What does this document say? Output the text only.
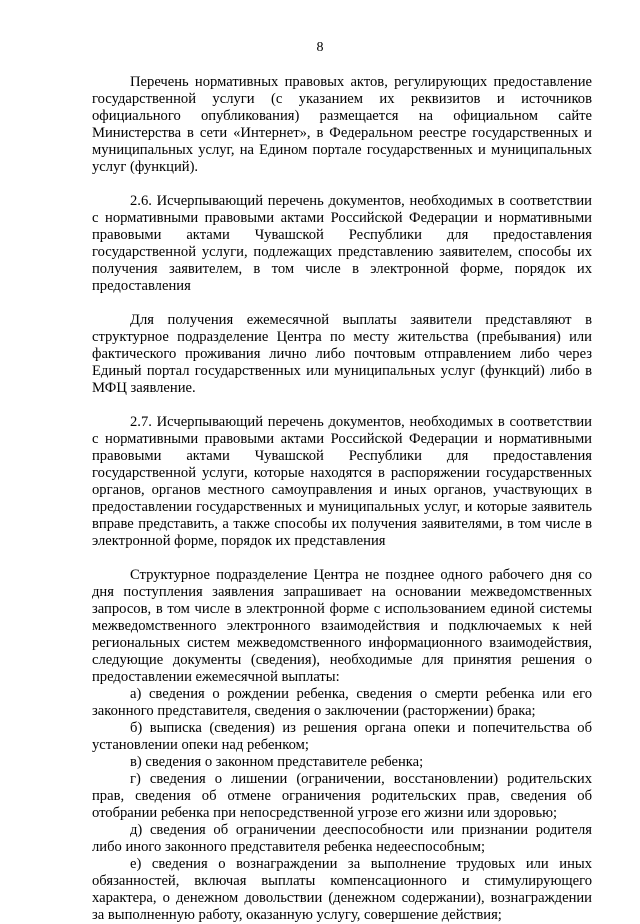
8

Перечень нормативных правовых актов, регулирующих предоставление государственной услуги (с указанием их реквизитов и источников официального опубликования) размещается на официальном сайте Министерства в сети «Интернет», в Федеральном реестре государственных и муниципальных услуг, на Едином портале государственных и муниципальных услуг (функций).

2.6. Исчерпывающий перечень документов, необходимых в соответствии с нормативными правовыми актами Российской Федерации и нормативными правовыми актами Чувашской Республики для предоставления государственной услуги, подлежащих представлению заявителем, способы их получения заявителем, в том числе в электронной форме, порядок их предоставления

Для получения ежемесячной выплаты заявители представляют в структурное подразделение Центра по месту жительства (пребывания) или фактического проживания лично либо почтовым отправлением либо через Единый портал государственных или муниципальных услуг (функций) либо в МФЦ заявление.

2.7. Исчерпывающий перечень документов, необходимых в соответствии с нормативными правовыми актами Российской Федерации и нормативными правовыми актами Чувашской Республики для предоставления государственной услуги, которые находятся в распоряжении государственных органов, органов местного самоуправления и иных органов, участвующих в предоставлении государственных и муниципальных услуг, и которые заявитель вправе представить, а также способы их получения заявителями, в том числе в электронной форме, порядок их представления

Структурное подразделение Центра не позднее одного рабочего дня со дня поступления заявления запрашивает на основании межведомственных запросов, в том числе в электронной форме с использованием единой системы межведомственного электронного взаимодействия и подключаемых к ней региональных систем межведомственного информационного взаимодействия, следующие документы (сведения), необходимые для принятия решения о предоставлении ежемесячной выплаты:

а) сведения о рождении ребенка, сведения о смерти ребенка или его законного представителя, сведения о заключении (расторжении) брака;

б) выписка (сведения) из решения органа опеки и попечительства об установлении опеки над ребенком;

в) сведения о законном представителе ребенка;

г) сведения о лишении (ограничении, восстановлении) родительских прав, сведения об отмене ограничения родительских прав, сведения об отобрании ребенка при непосредственной угрозе его жизни или здоровью;

д) сведения об ограничении дееспособности или признании родителя либо иного законного представителя ребенка недееспособным;

е) сведения о вознаграждении за выполнение трудовых или иных обязанностей, включая выплаты компенсационного и стимулирующего характера, о денежном довольствии (денежном содержании), вознаграждении за выполненную работу, оказанную услугу, совершение действия;
